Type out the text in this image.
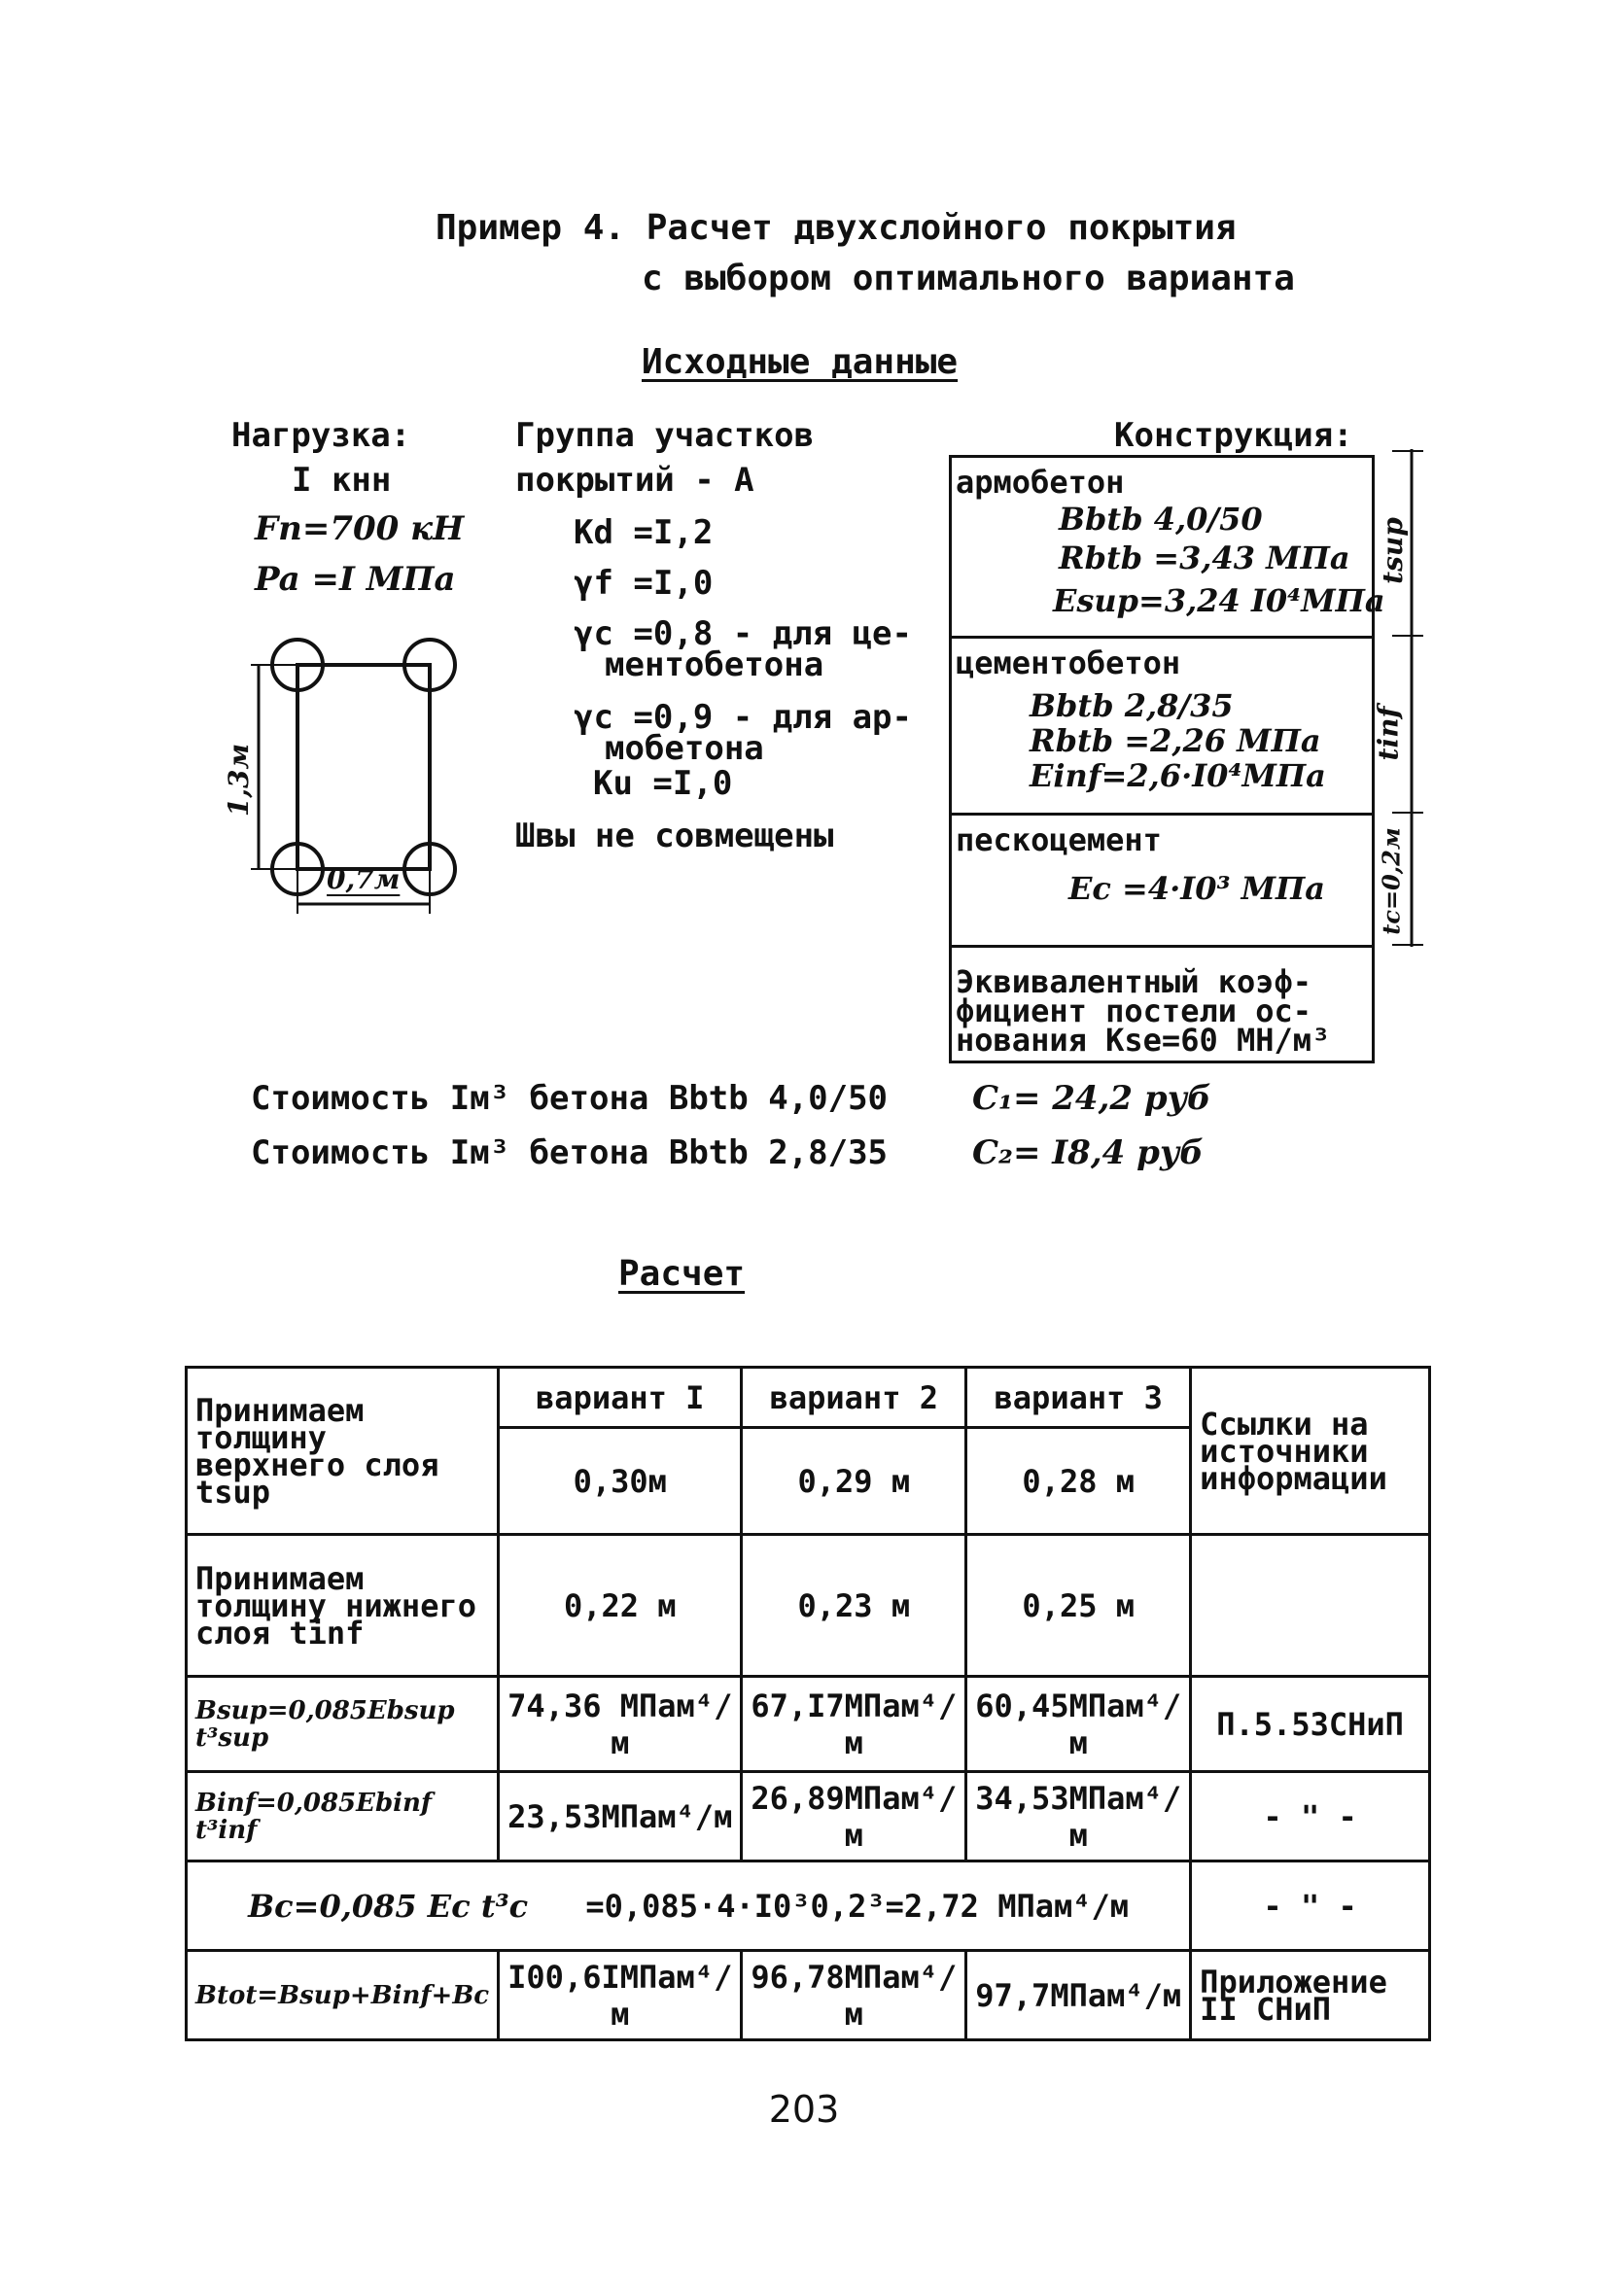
Пример 4. Расчет двухслойного покрытия
с выбором оптимального варианта
Исходные данные
Нагрузка:
I кнн
Fn=700 кН
Pa =I МПа
1,3м
0,7м
Группа участков
покрытий - А
Kd =I,2
γf =I,0
γc =0,8 - для це-
ментобетона
γc =0,9 - для ар-
мобетона
Ku =I,0
Швы не совмещены
Конструкция:
армобетон
Bbtb 4,0/50
Rbtb =3,43 МПа
Esup=3,24 I0⁴МПа
цементобетон
Bbtb 2,8/35
Rbtb =2,26 МПа
Einf=2,6·I0⁴МПа
пескоцемент
Ec =4·I0³ МПа
Эквивалентный коэф-фициент постели ос-нования Kse=60 МН/м³
tsup
tinf
tc=0,2м
Стоимость Iм³ бетона Bbtb 4,0/50	C₁= 24,2 руб
Стоимость Iм³ бетона Bbtb 2,8/35	C₂= I8,4 руб
Расчет
Принимаем толщину верхнего слоя tsup	вариант I	вариант 2	вариант 3	Ссылки на источники информации
	0,30м	0,29 м	0,28 м	
Принимаем толщину нижнего слоя tinf	0,22 м	0,23 м	0,25 м	
Bsup=0,085Ebsup t³sup	74,36 МПам⁴/м	67,I7МПам⁴/м	60,45МПам⁴/м	П.5.53СНиП
Binf=0,085Ebinf t³inf	23,53МПам⁴/м	26,89МПам⁴/м	34,53МПам⁴/м	- " -
Bc=0,085 Ec t³c =0,085·4·I0³0,2³=2,72 МПам⁴/м				- " -
Btot=Bsup+Binf+Bc	I00,6IМПам⁴/м	96,78МПам⁴/м	97,7МПам⁴/м	Приложение II СНиП
203
